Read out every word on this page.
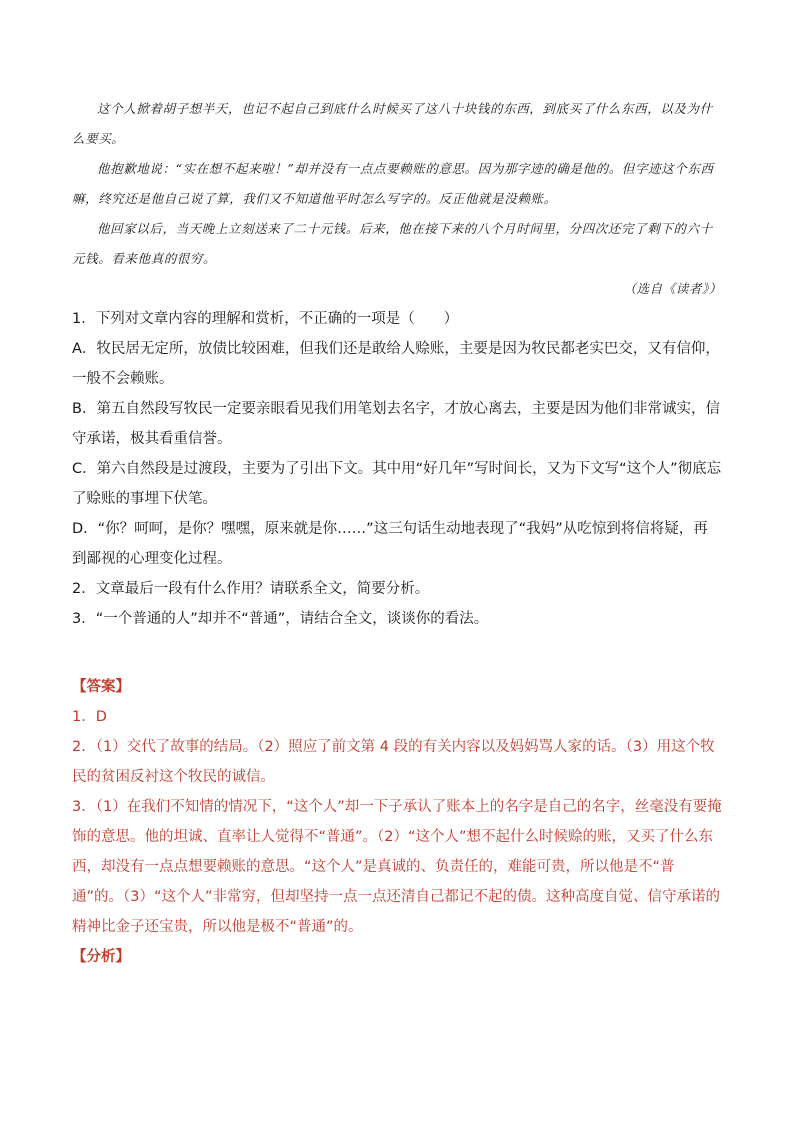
这个人掀着胡子想半天，也记不起自己到底什么时候买了这八十块钱的东西，到底买了什么东西，以及为什么要买。

他抱歉地说：“实在想不起来啦！”却并没有一点点要赖账的意思。因为那字迹的确是他的。但字迹这个东西嘛，终究还是他自己说了算，我们又不知道他平时怎么写字的。反正他就是没赖账。

他回家以后，当天晚上立刻送来了二十元钱。后来，他在接下来的八个月时间里，分四次还完了剩下的六十元钱。看来他真的很穷。

（选自《读者》）

1．下列对文章内容的理解和赏析，不正确的一项是（　　）

A．牧民居无定所，放债比较困难，但我们还是敢给人赊账，主要是因为牧民都老实巴交，又有信仰，一般不会赖账。

B．第五自然段写牧民一定要亲眼看见我们用笔划去名字，才放心离去，主要是因为他们非常诚实，信守承诺，极其看重信誉。

C．第六自然段是过渡段，主要为了引出下文。其中用“好几年”写时间长，又为下文写“这个人”彻底忘了赊账的事埋下伏笔。

D．“你？呵呵，是你？嘿嘿，原来就是你……”这三句话生动地表现了“我妈”从吃惊到将信将疑，再到鄙视的心理变化过程。

2．文章最后一段有什么作用？请联系全文，简要分析。

3．“一个普通的人”却并不“普通”，请结合全文，谈谈你的看法。

【答案】

1．D

2．（1）交代了故事的结局。（2）照应了前文第 4 段的有关内容以及妈妈骂人家的话。（3）用这个牧民的贫困反衬这个牧民的诚信。

3．（1）在我们不知情的情况下，“这个人”却一下子承认了账本上的名字是自己的名字，丝毫没有要掩饰的意思。他的坦诚、直率让人觉得不“普通”。（2）“这个人”想不起什么时候赊的账，又买了什么东西，却没有一点点想要赖账的意思。“这个人”是真诚的、负责任的，难能可贵，所以他是不“普通”的。（3）“这个人”非常穷，但却坚持一点一点还清自己都记不起的债。这种高度自觉、信守承诺的精神比金子还宝贵，所以他是极不“普通”的。

【分析】
